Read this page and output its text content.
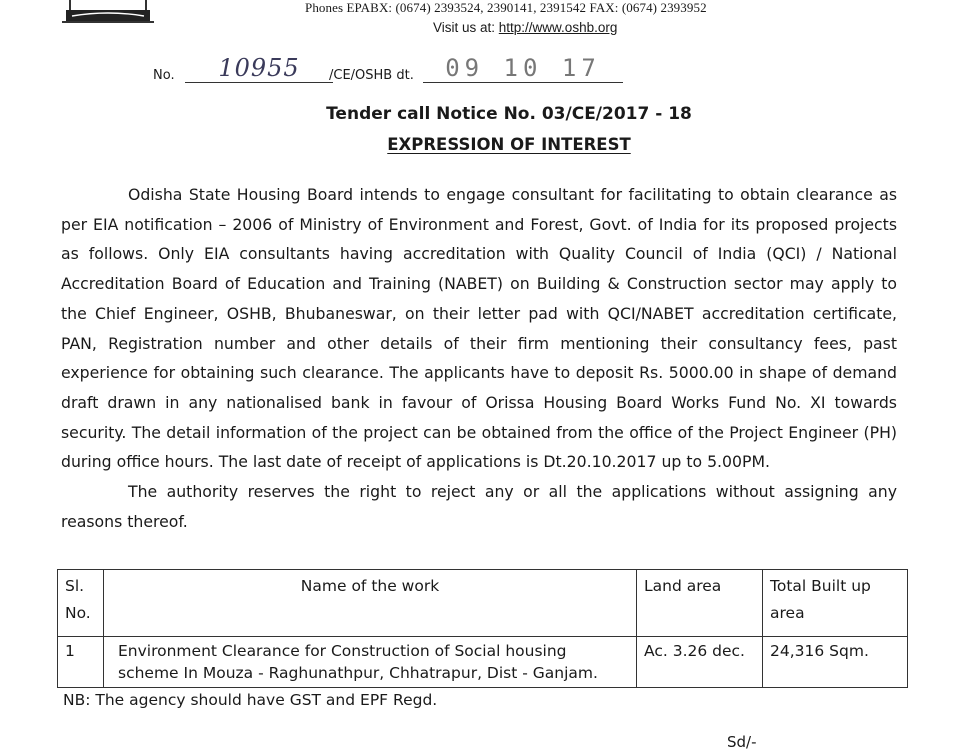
Phones EPABX: (0674) 2393524, 2390141, 2391542 FAX: (0674) 2393952
Visit us at: http://www.oshb.org
No.	10955	/CE/OSHB dt.	09 10 17
Tender call Notice No. 03/CE/2017 - 18
EXPRESSION OF INTEREST

Odisha State Housing Board intends to engage consultant for facilitating to obtain clearance as per EIA notification – 2006 of Ministry of Environment and Forest, Govt. of India for its proposed projects as follows. Only EIA consultants having accreditation with Quality Council of India (QCI) / National Accreditation Board of Education and Training (NABET) on Building & Construction sector may apply to the Chief Engineer, OSHB, Bhubaneswar, on their letter pad with QCI/NABET accreditation certificate, PAN, Registration number and other details of their firm mentioning their consultancy fees, past experience for obtaining such clearance. The applicants have to deposit Rs. 5000.00 in shape of demand draft drawn in any nationalised bank in favour of Orissa Housing Board Works Fund No. XI towards security. The detail information of the project can be obtained from the office of the Project Engineer (PH) during office hours. The last date of receipt of applications is Dt.20.10.2017 up to 5.00PM.

The authority reserves the right to reject any or all the applications without assigning any reasons thereof.

Sl. No.	Name of the work	Land area	Total Built up area
1	Environment Clearance for Construction of Social housing scheme In Mouza - Raghunathpur, Chhatrapur, Dist - Ganjam.	Ac. 3.26 dec.	24,316 Sqm.
NB: The agency should have GST and EPF Regd.
Sd/-
